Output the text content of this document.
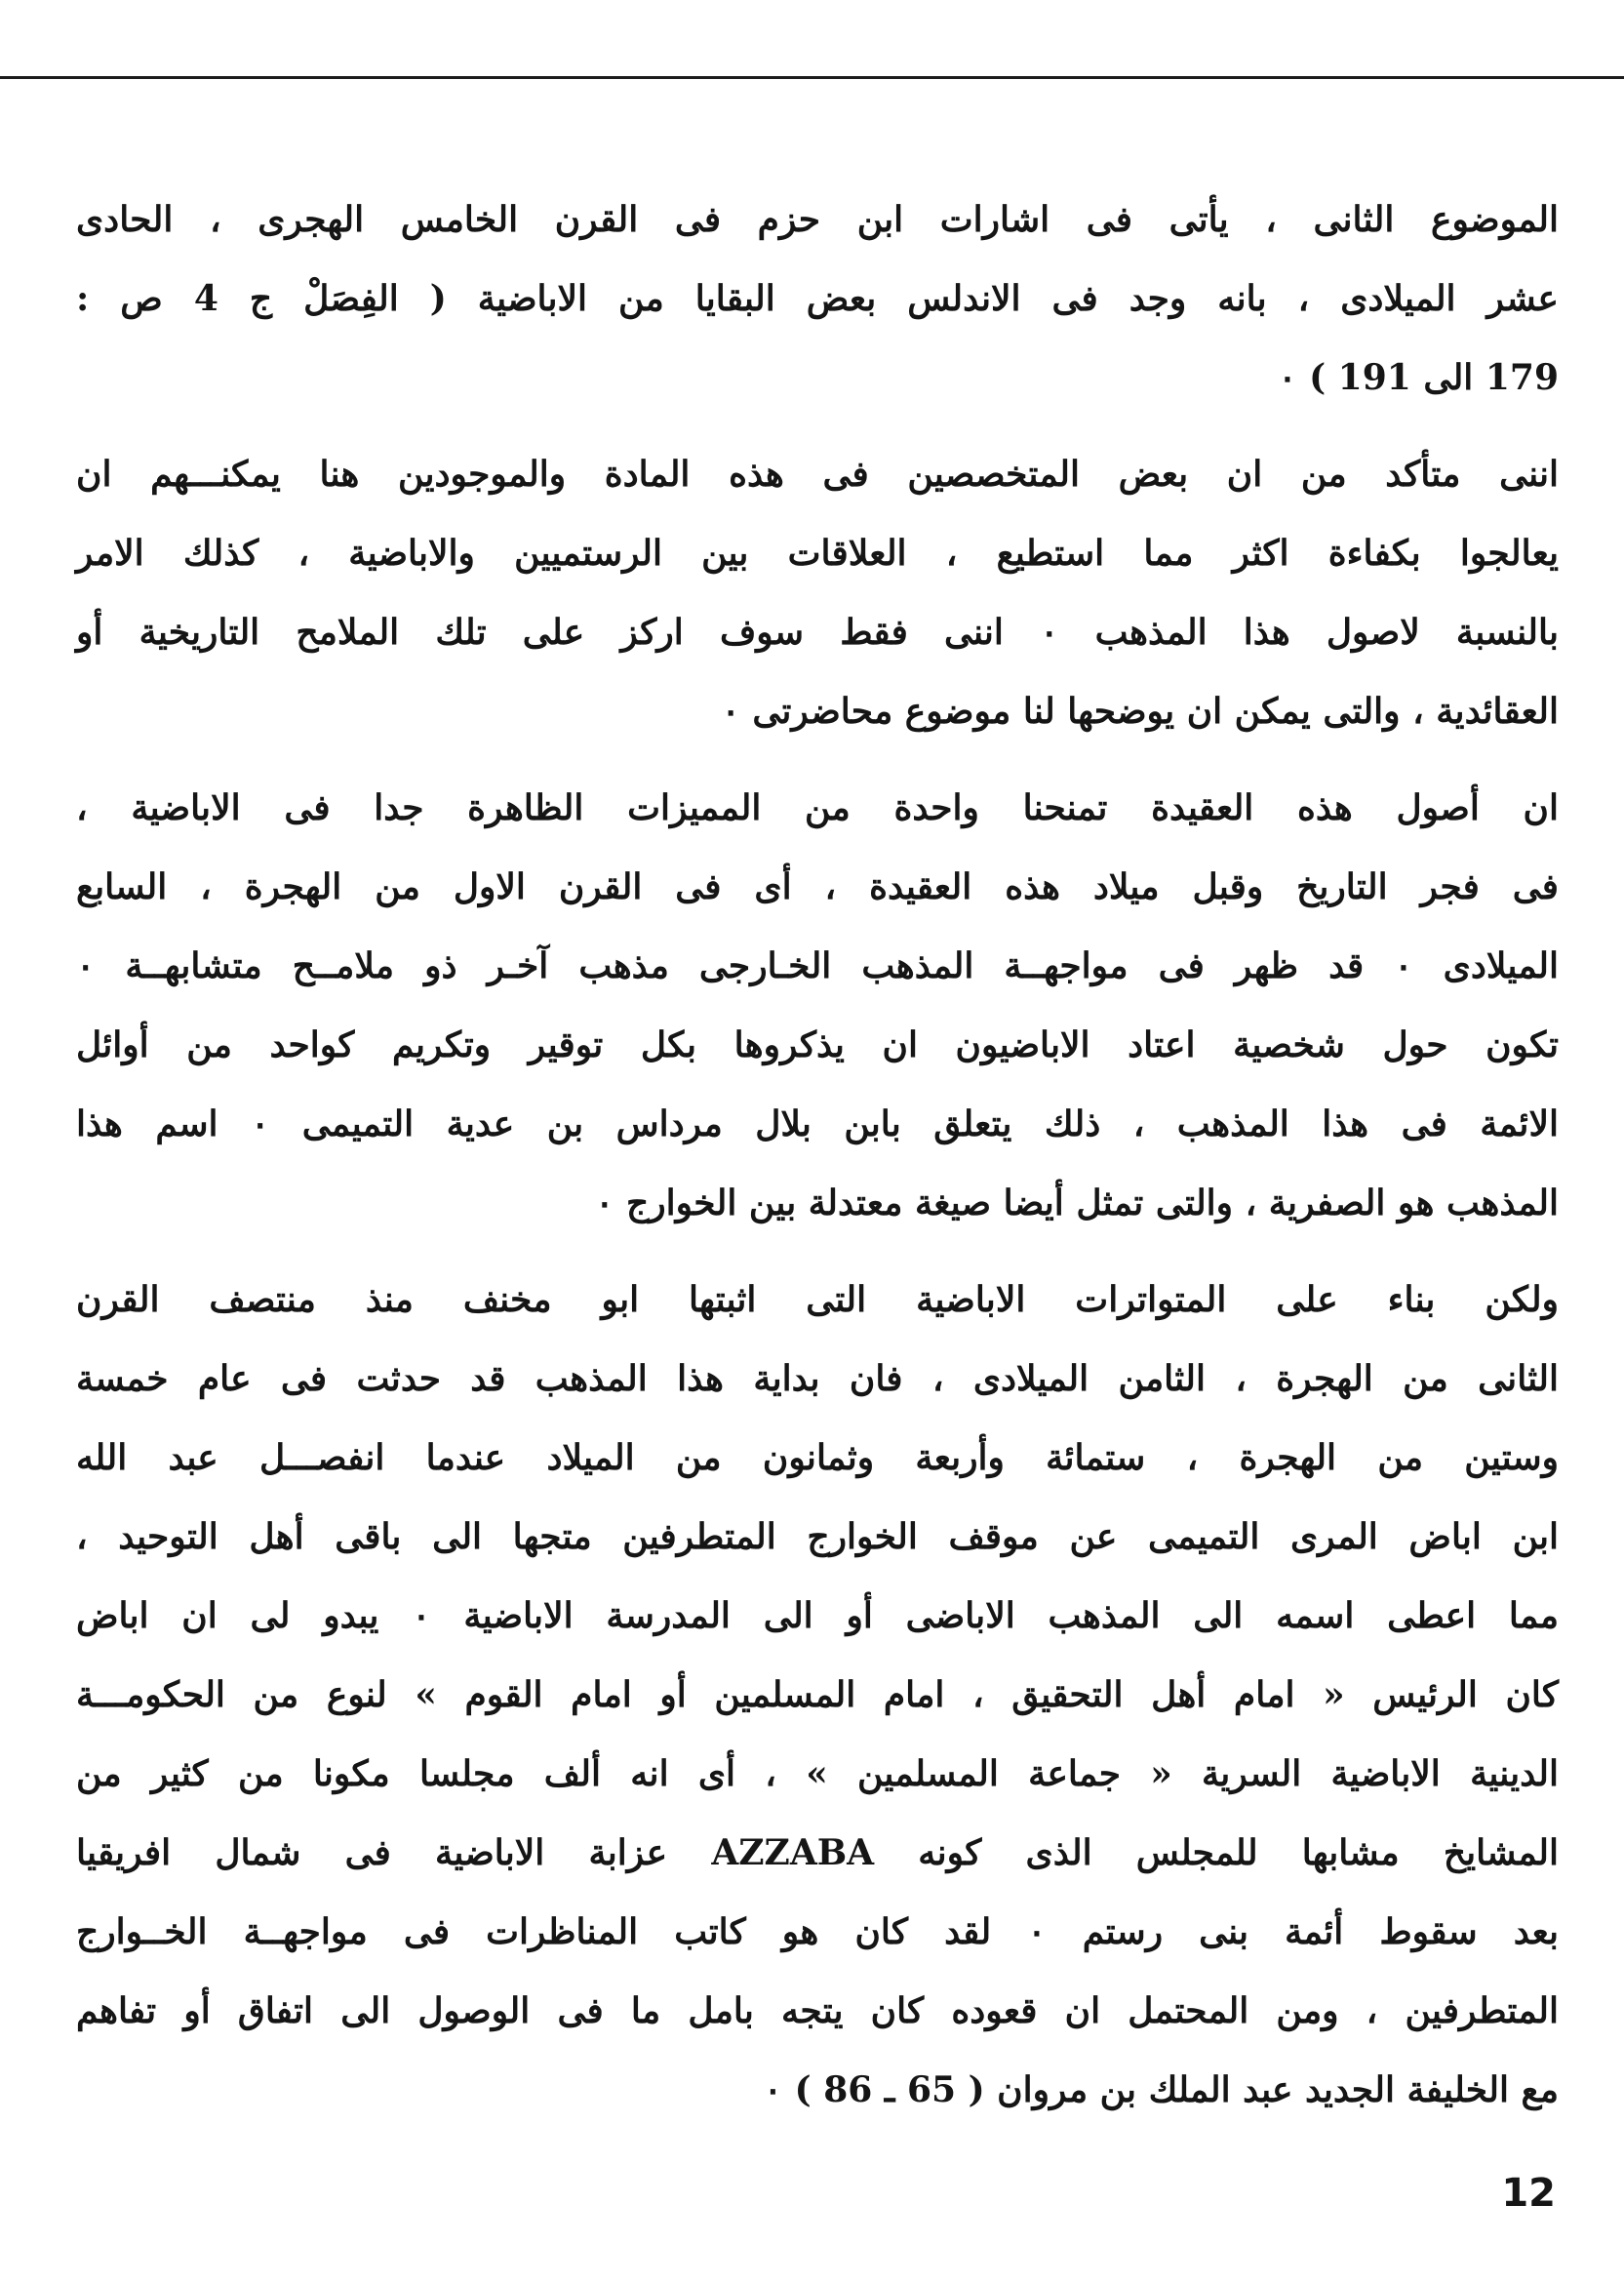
الموضوع الثانى ، يأتى فى اشارات ابن حزم فى القرن الخامس الهجرى ، الحادى
عشر الميلادى ، بانه وجد فى الاندلس بعض البقايا من الاباضية ( الفِصَلْ ج 4 ص :
179 الى 191 ) ٠
اننى متأكد من ان بعض المتخصصين فى هذه المادة والموجودين هنا يمكنـــهم ان
يعالجوا بكفاءة اكثر مما استطيع ، العلاقات بين الرستميين والاباضية ، كذلك الامر
بالنسبة لاصول هذا المذهب ٠ اننى فقط سوف اركز على تلك الملامح التاريخية أو
العقائدية ، والتى يمكن ان يوضحها لنا موضوع محاضرتى ٠
ان أصول هذه العقيدة تمنحنا واحدة من المميزات الظاهرة جدا فى الاباضية ،
فى فجر التاريخ وقبل ميلاد هذه العقيدة ، أى فى القرن الاول من الهجرة ، السابع
الميلادى ٠ قد ظهر فى مواجهــة المذهب الخـارجى مذهب آخـر ذو ملامــح متشابهــة ٠
تكون حول شخصية اعتاد الاباضيون ان يذكروها بكل توقير وتكريم كواحد من أوائل
الائمة فى هذا المذهب ، ذلك يتعلق بابن بلال مرداس بن عدية التميمى ٠ اسم هذا
المذهب هو الصفرية ، والتى تمثل أيضا صيغة معتدلة بين الخوارج ٠
ولكن بناء على المتواترات الاباضية التى اثبتها ابو مخنف منذ منتصف القرن
الثانى من الهجرة ، الثامن الميلادى ، فان بداية هذا المذهب قد حدثت فى عام خمسة
وستين من الهجرة ، ستمائة وأربعة وثمانون من الميلاد عندما انفصـــل عبد الله
ابن اباض المرى التميمى عن موقف الخوارج المتطرفين متجها الى باقى أهل التوحيد ،
مما اعطى اسمه الى المذهب الاباضى أو الى المدرسة الاباضية ٠ يبدو لى ان اباض
كان الرئيس « امام أهل التحقيق ، امام المسلمين أو امام القوم » لنوع من الحكومـــة
الدينية الاباضية السرية « جماعة المسلمين » ، أى انه ألف مجلسا مكونا من كثير من
المشايخ مشابها للمجلس الذى كونه AZZABA عزابة الاباضية فى شمال افريقيا
بعد سقوط أئمة بنى رستم ٠ لقد كان هو كاتب المناظرات فى مواجهــة الخــوارج
المتطرفين ، ومن المحتمل ان قعوده كان يتجه بامل ما فى الوصول الى اتفاق أو تفاهم
مع الخليفة الجديد عبد الملك بن مروان ( 65 ـ 86 ) ٠
12
